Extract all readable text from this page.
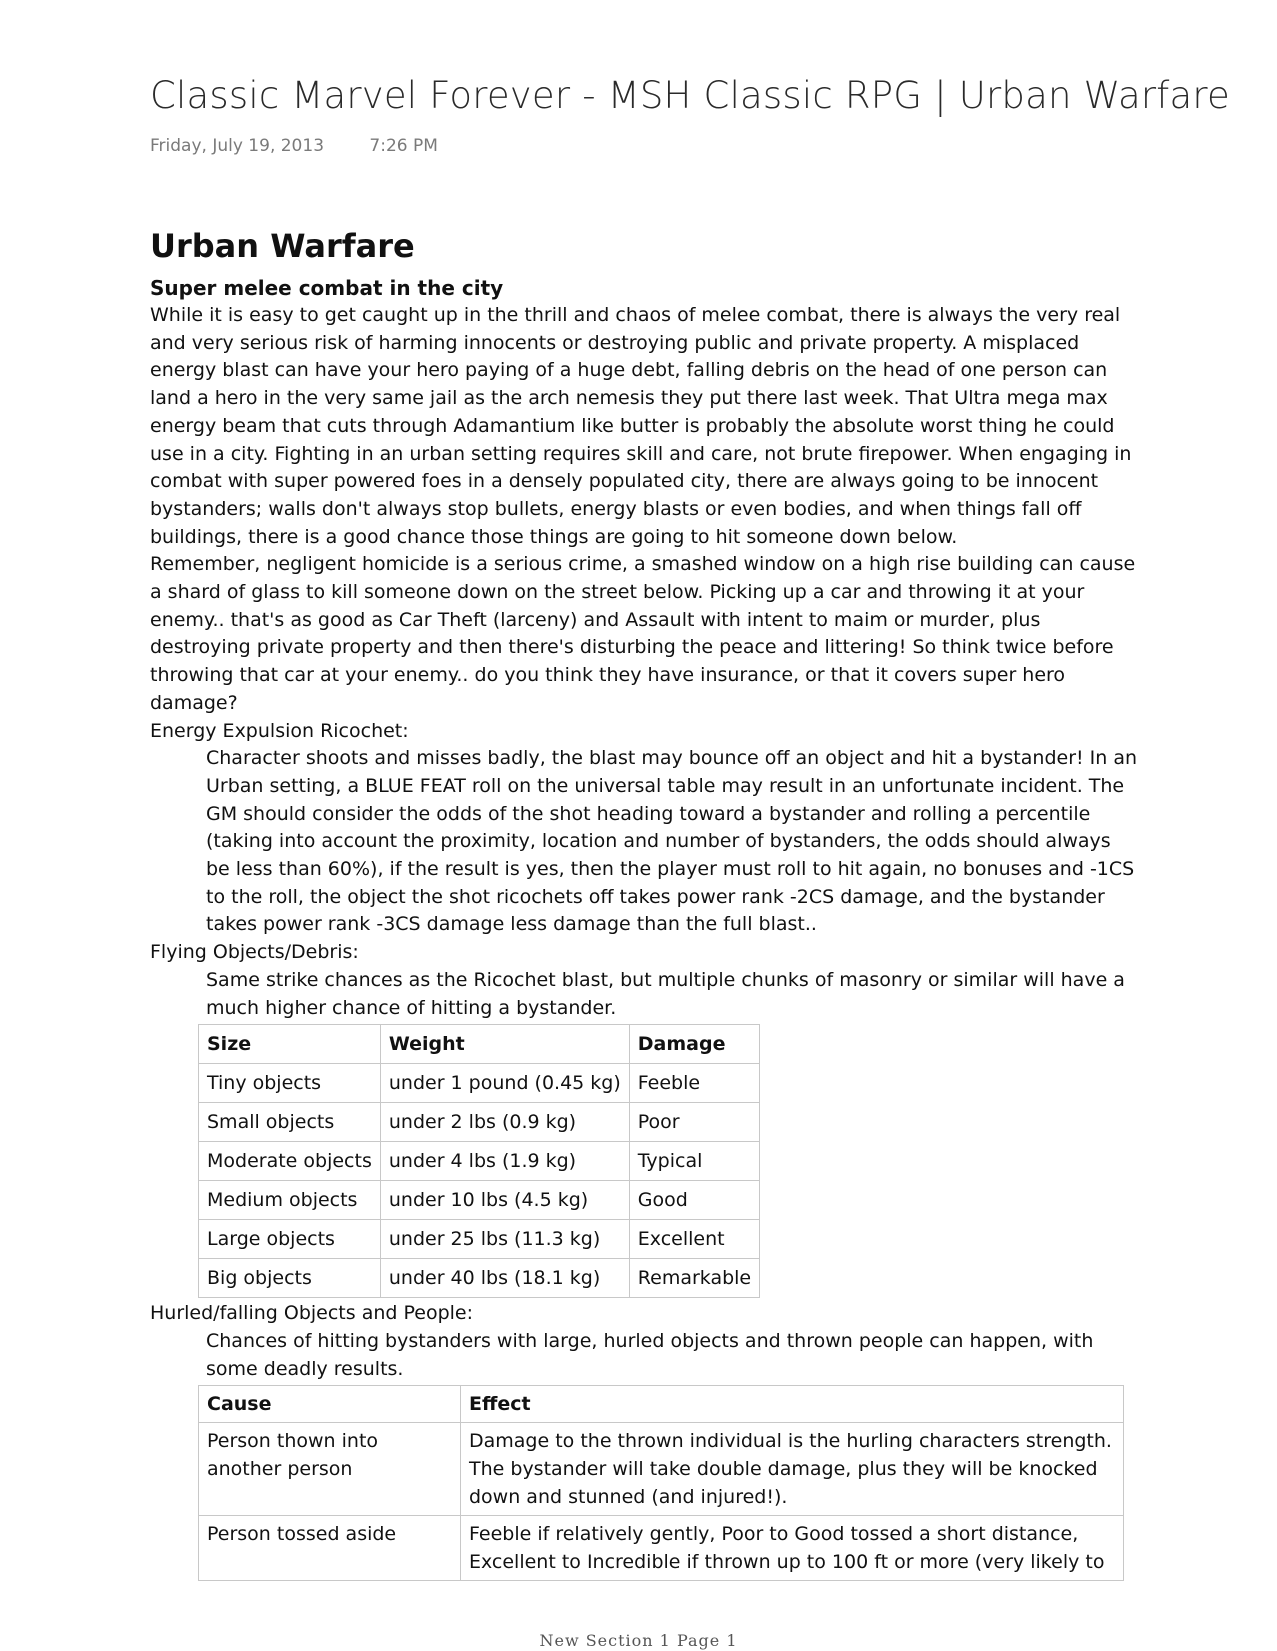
Classic Marvel Forever - MSH Classic RPG | Urban Warfare
Friday, July 19, 2013	7:26 PM
Urban Warfare
Super melee combat in the city

While it is easy to get caught up in the thrill and chaos of melee combat, there is always the very real and very serious risk of harming innocents or destroying public and private property. A misplaced energy blast can have your hero paying of a huge debt, falling debris on the head of one person can land a hero in the very same jail as the arch nemesis they put there last week. That Ultra mega max energy beam that cuts through Adamantium like butter is probably the absolute worst thing he could use in a city. Fighting in an urban setting requires skill and care, not brute firepower. When engaging in combat with super powered foes in a densely populated city, there are always going to be innocent bystanders; walls don't always stop bullets, energy blasts or even bodies, and when things fall off buildings, there is a good chance those things are going to hit someone down below.

Remember, negligent homicide is a serious crime, a smashed window on a high rise building can cause a shard of glass to kill someone down on the street below. Picking up a car and throwing it at your enemy.. that's as good as Car Theft (larceny) and Assault with intent to maim or murder, plus destroying private property and then there's disturbing the peace and littering! So think twice before throwing that car at your enemy.. do you think they have insurance, or that it covers super hero damage?

Energy Expulsion Ricochet:

Character shoots and misses badly, the blast may bounce off an object and hit a bystander! In an Urban setting, a BLUE FEAT roll on the universal table may result in an unfortunate incident. The GM should consider the odds of the shot heading toward a bystander and rolling a percentile (taking into account the proximity, location and number of bystanders, the odds should always be less than 60%), if the result is yes, then the player must roll to hit again, no bonuses and -1CS to the roll, the object the shot ricochets off takes power rank -2CS damage, and the bystander takes power rank -3CS damage less damage than the full blast..

Flying Objects/Debris:

Same strike chances as the Ricochet blast, but multiple chunks of masonry or similar will have a much higher chance of hitting a bystander.

Size	Weight	Damage
Tiny objects	under 1 pound (0.45 kg)	Feeble
Small objects	under 2 lbs (0.9 kg)	Poor
Moderate objects	under 4 lbs (1.9 kg)	Typical
Medium objects	under 10 lbs (4.5 kg)	Good
Large objects	under 25 lbs (11.3 kg)	Excellent
Big objects	under 40 lbs (18.1 kg)	Remarkable

Hurled/falling Objects and People:

Chances of hitting bystanders with large, hurled objects and thrown people can happen, with some deadly results.

Cause	Effect
Person thown into another person	Damage to the thrown individual is the hurling characters strength. The bystander will take double damage, plus they will be knocked down and stunned (and injured!).
Person tossed aside	Feeble if relatively gently, Poor to Good tossed a short distance, Excellent to Incredible if thrown up to 100 ft or more (very likely to
New Section 1 Page 1
